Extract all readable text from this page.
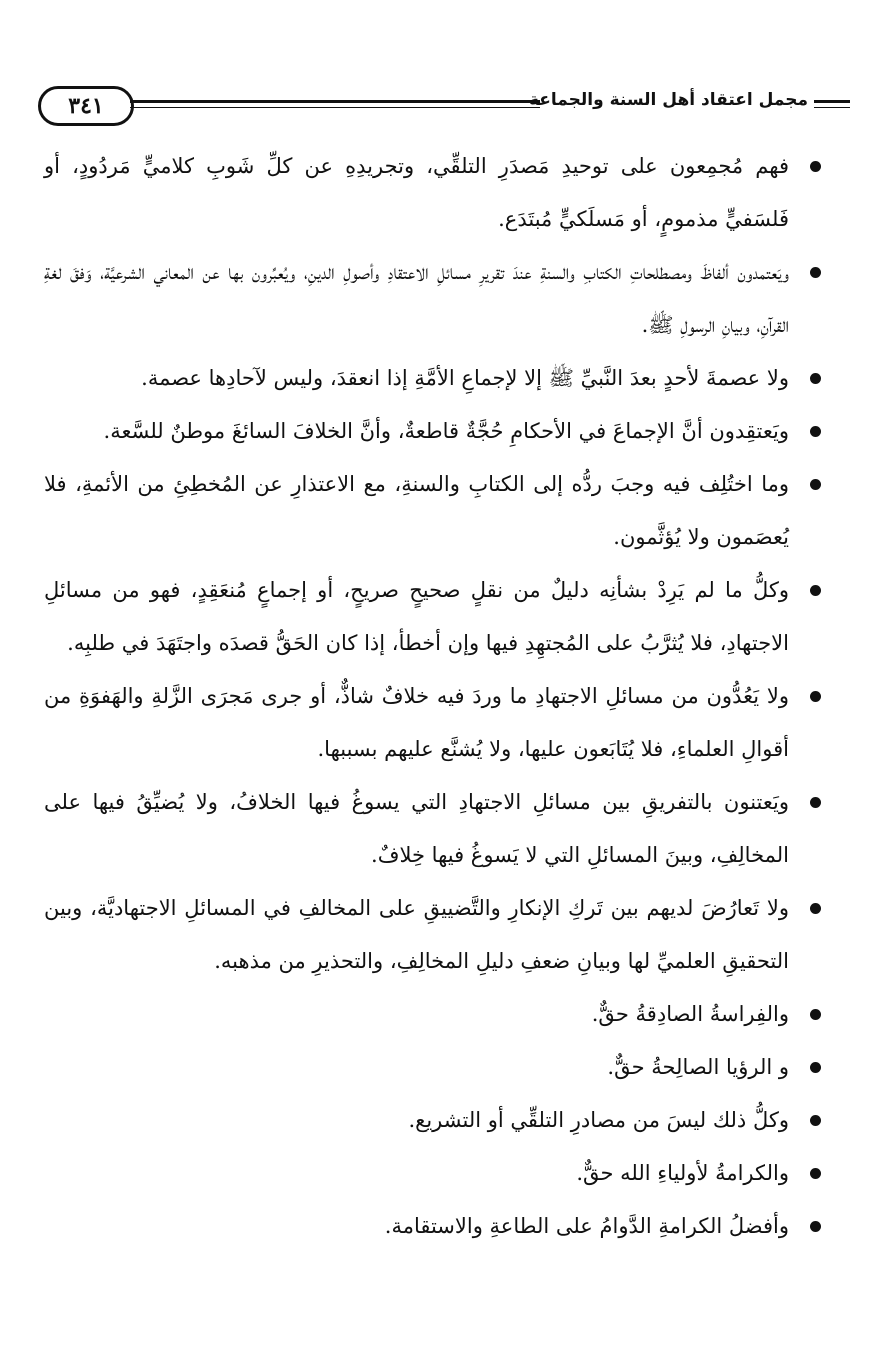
٣٤١	مجمل اعتقاد أهل السنة والجماعة
فهم مُجمِعون على توحيدِ مَصدَرِ التلقِّي، وتجريدِهِ عن كلِّ شَوبِ كلاميٍّ مَردُودٍ، أو فَلسَفيٍّ مذمومٍ، أو مَسلَكيٍّ مُبتَدَع.
ويَعتمدون ألفاظَ ومصطلحاتِ الكتابِ والسنةِ عندَ تقريرِ مسائلِ الاعتقادِ وأصولِ الدينِ، ويُعبِّرون بها عن المعاني الشرعيَّة، وَفقَ لغةِ القرآنِ، وبيانِ الرسولِ ﷺ.
ولا عصمةَ لأحدٍ بعدَ النَّبيِّ ﷺ إلا لإجماعِ الأمَّةِ إذا انعقدَ، وليس لآحادِها عصمة.
ويَعتقِدون أنَّ الإجماعَ في الأحكامِ حُجَّةٌ قاطعةٌ، وأنَّ الخلافَ السائغَ موطنٌ للسَّعة.
وما اختُلِف فيه وجبَ ردُّه إلى الكتابِ والسنةِ، مع الاعتذارِ عن المُخطِئِ من الأئمةِ، فلا يُعصَمون ولا يُؤثَّمون.
وكلُّ ما لم يَرِدْ بشأنِه دليلٌ من نقلٍ صحيحٍ صريحٍ، أو إجماعٍ مُنعَقِدٍ، فهو من مسائلِ الاجتهادِ، فلا يُثرَّبُ على المُجتهِدِ فيها وإن أخطأ، إذا كان الحَقُّ قصدَه واجتَهَدَ في طلبِه.
ولا يَعُدُّون من مسائلِ الاجتهادِ ما وردَ فيه خلافٌ شاذٌّ، أو جرى مَجرَى الزَّلةِ والهَفوَةِ من أقوالِ العلماءِ، فلا يُتَابَعون عليها، ولا يُشنَّع عليهم بسببها.
ويَعتنون بالتفريقِ بين مسائلِ الاجتهادِ التي يسوغُ فيها الخلافُ، ولا يُضيِّقُ فيها على المخالِفِ، وبينَ المسائلِ التي لا يَسوغُ فيها خِلافٌ.
ولا تَعارُضَ لديهم بين تَركِ الإنكارِ والتَّضييقِ على المخالفِ في المسائلِ الاجتهاديَّة، وبين التحقيقِ العلميِّ لها وبيانِ ضعفِ دليلِ المخالِفِ، والتحذيرِ من مذهبه.
والفِراسةُ الصادِقةُ حقٌّ.
و الرؤيا الصالِحةُ حقٌّ.
وكلُّ ذلك ليسَ من مصادرِ التلقِّي أو التشريع.
والكرامةُ لأولياءِ الله حقٌّ.
وأفضلُ الكرامةِ الدَّوامُ على الطاعةِ والاستقامة.
